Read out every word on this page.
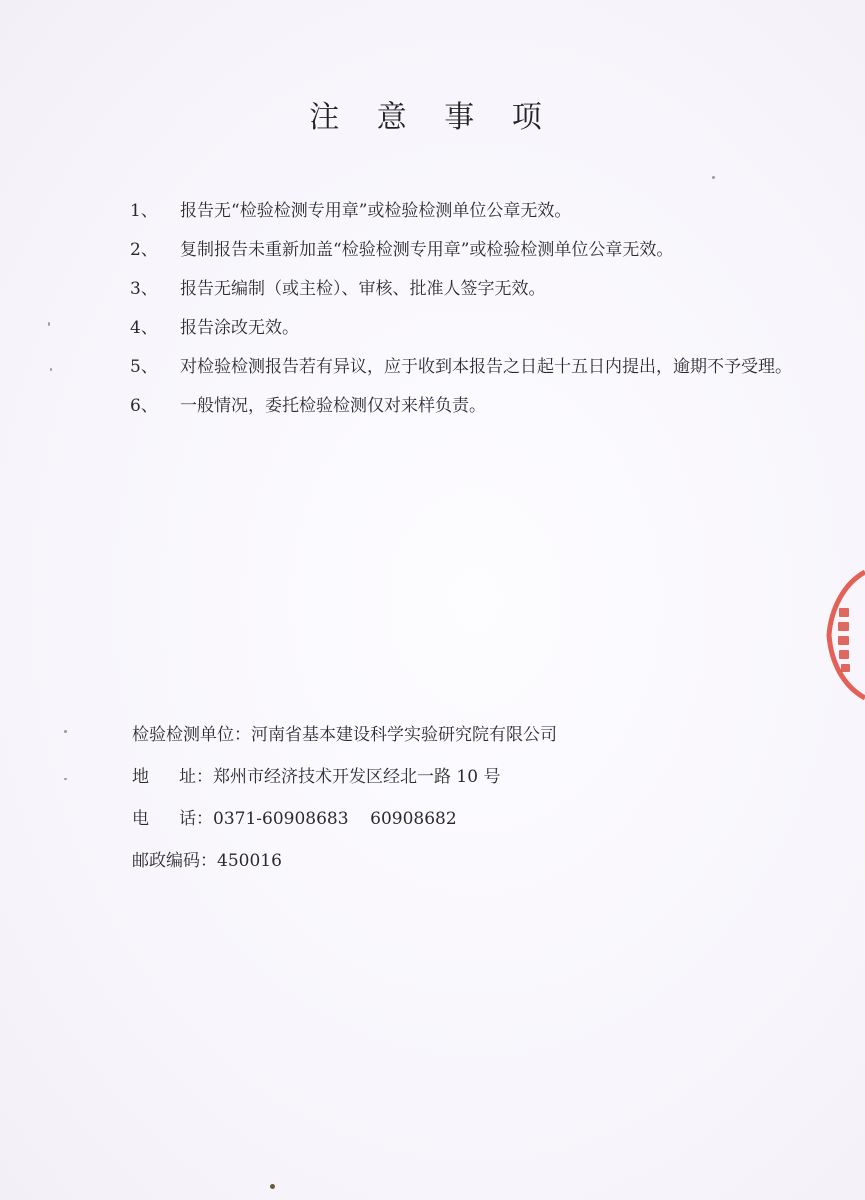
注 意 事 项
1、	报告无“检验检测专用章”或检验检测单位公章无效。
2、	复制报告未重新加盖“检验检测专用章”或检验检测单位公章无效。
3、	报告无编制（或主检）、审核、批准人签字无效。
4、	报告涂改无效。
5、	对检验检测报告若有异议，应于收到本报告之日起十五日内提出，逾期不予受理。
6、	一般情况，委托检验检测仅对来样负责。
检验检测单位：河南省基本建设科学实验研究院有限公司
地址：郑州市经济技术开发区经北一路 10 号
电话：0371-60908683    60908682
邮政编码：450016
